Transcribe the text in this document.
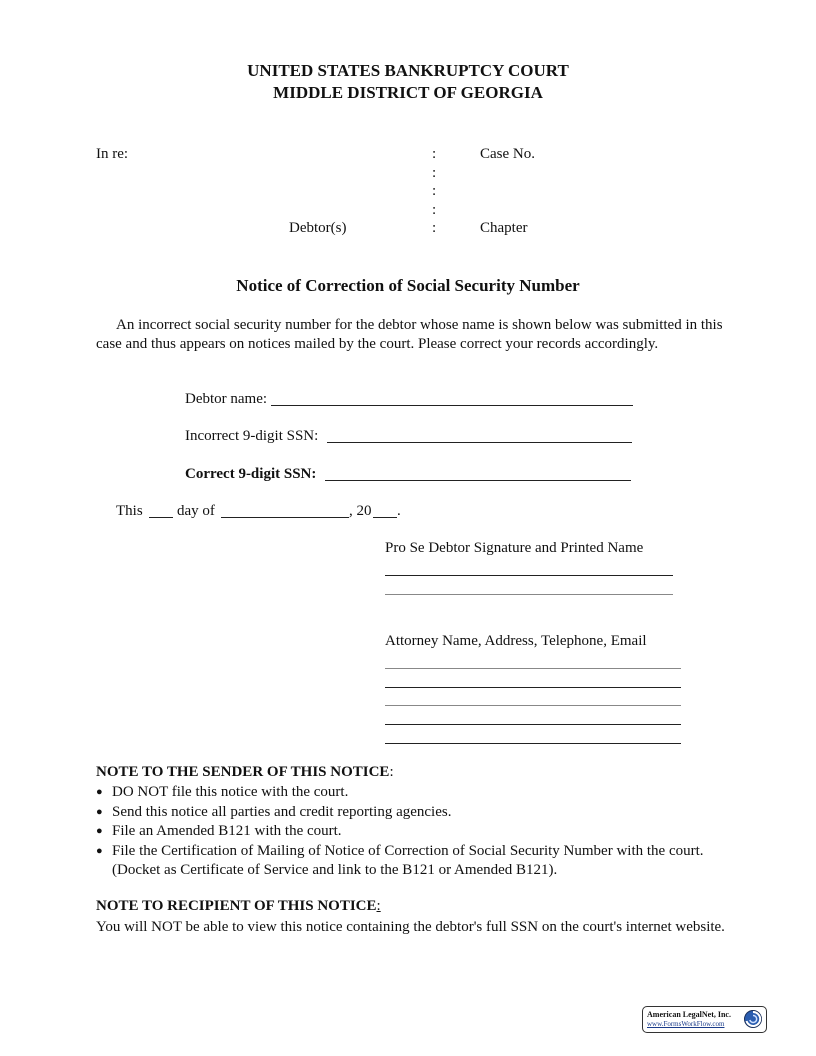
UNITED STATES BANKRUPTCY COURT
MIDDLE DISTRICT OF GEORGIA
In re:	:
:
:
:
:
Case No.
Debtor(s)	Chapter
Notice of Correction of Social Security Number
An incorrect social security number for the debtor whose name is shown below was submitted in this case and thus appears on notices mailed by the court. Please correct your records accordingly.
Debtor name:
Incorrect 9-digit SSN:
Correct 9-digit SSN:
This day of	, 20 .
Pro Se Debtor Signature and Printed Name
Attorney Name, Address, Telephone, Email
NOTE TO THE SENDER OF THIS NOTICE:
● DO NOT file this notice with the court.
● Send this notice all parties and credit reporting agencies.
● File an Amended B121 with the court.
● File the Certification of Mailing of Notice of Correction of Social Security Number with the court. (Docket as Certificate of Service and link to the B121 or Amended B121).
NOTE TO RECIPIENT OF THIS NOTICE:
You will NOT be able to view this notice containing the debtor's full SSN on the court's internet website.
American LegalNet, Inc.
www.FormsWorkFlow.com
